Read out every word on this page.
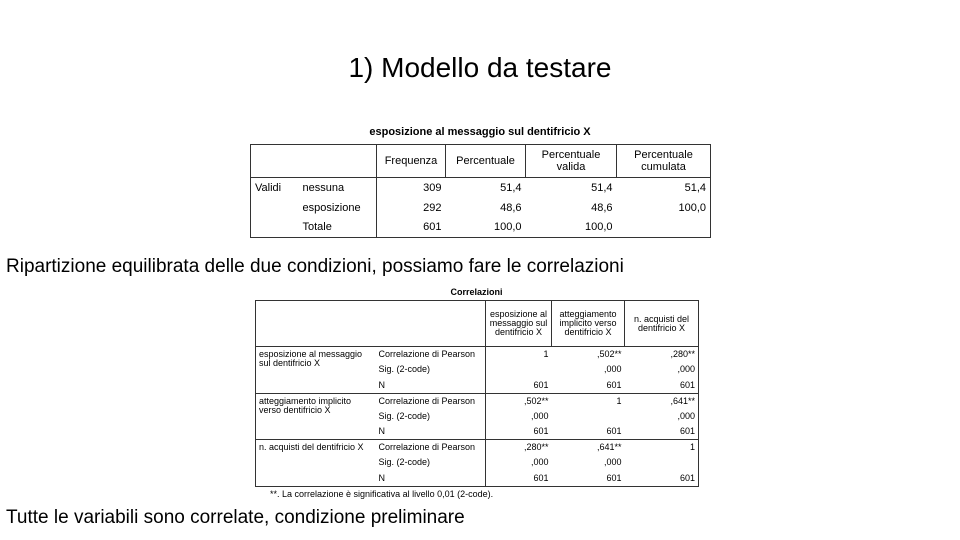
1) Modello da testare
esposizione al messaggio sul dentifricio X
		Frequenza	Percentuale	Percentuale valida	Percentuale cumulata
Validi	nessuna	309	51,4	51,4	51,4
	esposizione	292	48,6	48,6	100,0
	Totale	601	100,0	100,0	
Ripartizione equilibrata delle due condizioni, possiamo fare le correlazioni
Correlazioni
		esposizione al messaggio sul dentifricio X	atteggiamento implicito verso dentifricio X	n. acquisti del dentifricio X
esposizione al messaggio sul dentifricio X	Correlazione di Pearson	1	,502**	,280**
	Sig. (2-code)		,000	,000
	N	601	601	601
atteggiamento implicito verso dentifricio X	Correlazione di Pearson	,502**	1	,641**
	Sig. (2-code)	,000		,000
	N	601	601	601
n. acquisti del dentifricio X	Correlazione di Pearson	,280**	,641**	1
	Sig. (2-code)	,000	,000	
	N	601	601	601
**. La correlazione è significativa al livello 0,01 (2-code).
Tutte le variabili sono correlate, condizione preliminare
